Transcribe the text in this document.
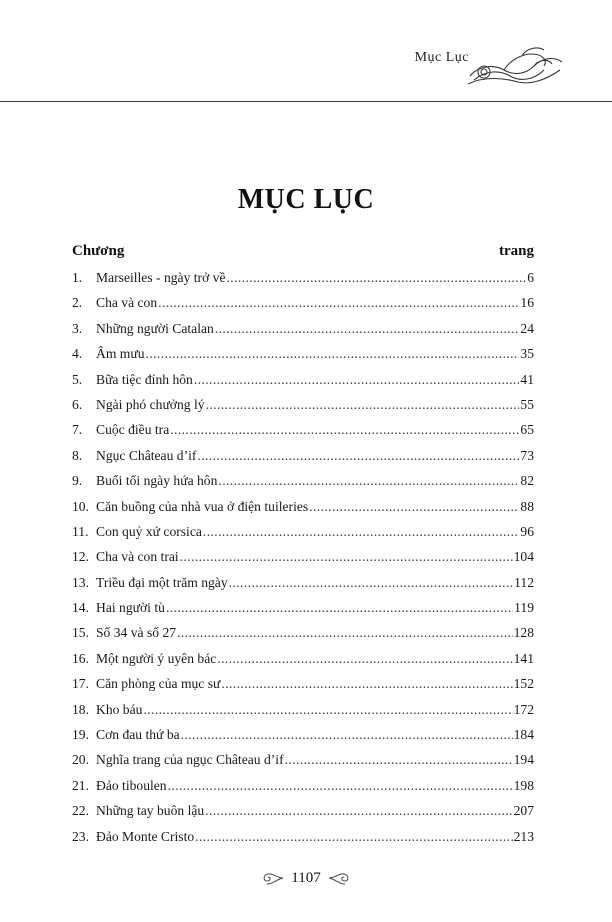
Mục Lục
MỤC LỤC
Chương	trang
1.	Marseilles - ngày trở về .....	6
2.	Cha và con .....	16
3.	Những người Catalan .....	24
4.	Âm mưu .....	35
5.	Bữa tiệc đính hôn .....	41
6.	Ngài phó chưởng lý .....	55
7.	Cuộc điều tra .....	65
8.	Ngục Château d’if .....	73
9.	Buổi tối ngày hứa hôn .....	82
10. Căn buồng của nhà vua ở điện tuileries .....	88
11. Con quỷ xứ corsica .....	96
12. Cha và con trai .....	104
13. Triều đại một trăm ngày .....	112
14. Hai người tù .....	119
15. Số 34 và số 27 .....	128
16. Một người ý uyên bác .....	141
17. Căn phòng của mục sư .....	152
18. Kho báu .....	172
19. Cơn đau thứ ba .....	184
20. Nghĩa trang của ngục Château d’if .....	194
21. Đảo tiboulen .....	198
22. Những tay buôn lậu .....	207
23. Đảo Monte Cristo .....	213
1107
